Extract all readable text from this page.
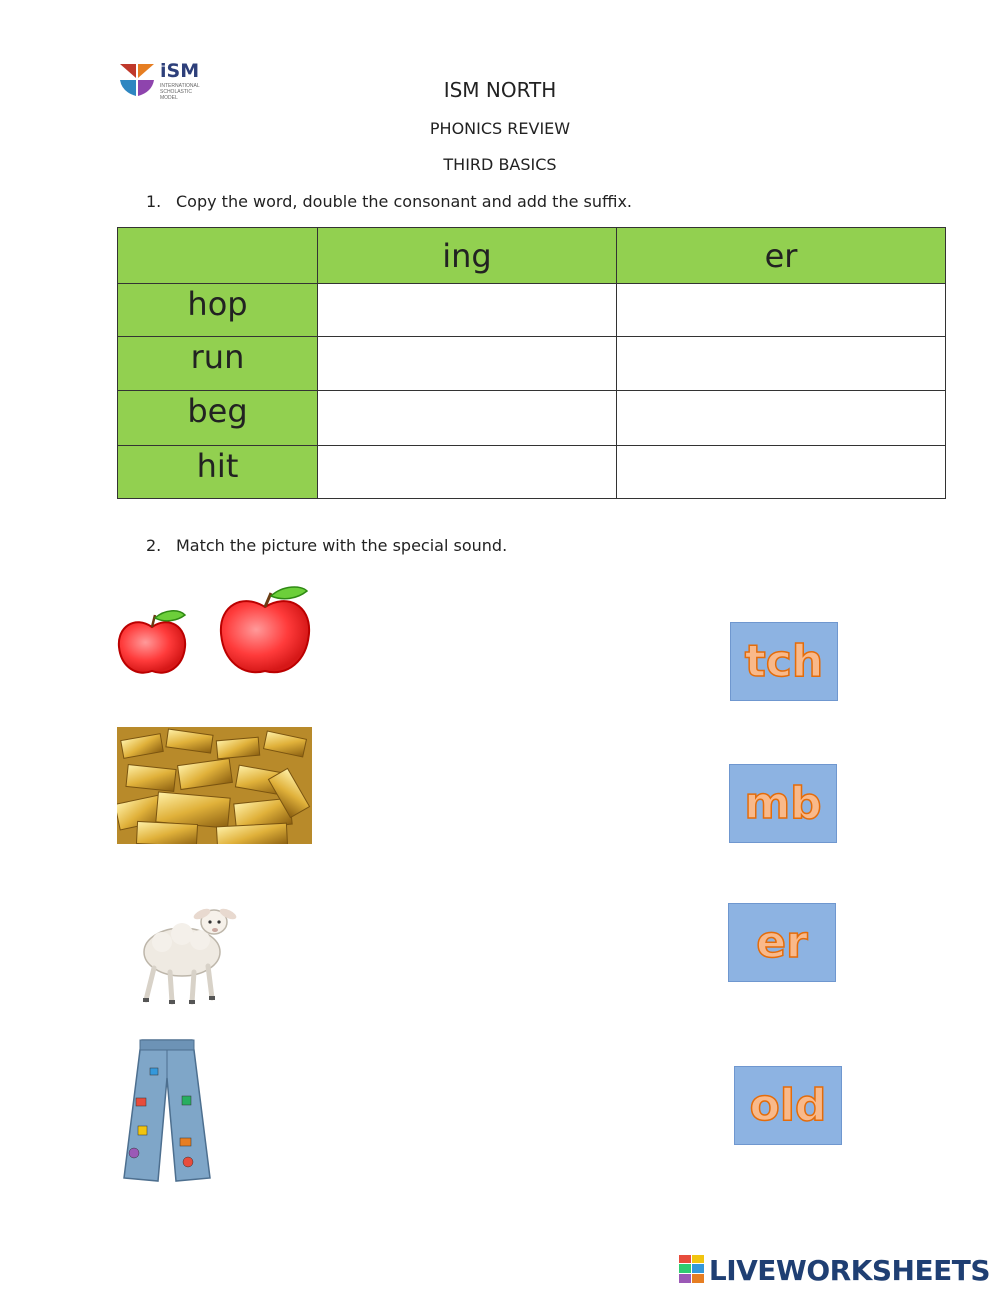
iSM
INTERNATIONAL SCHOLASTIC MODEL	ISM NORTH
PHONICS REVIEW
THIRD BASICS
1. Copy the word, double the consonant and add the suffix.
	ing	er
hop		
run		
beg		
hit		
2. Match the picture with the special sound.
tch
mb
er
old
LIVEWORKSHEETS
